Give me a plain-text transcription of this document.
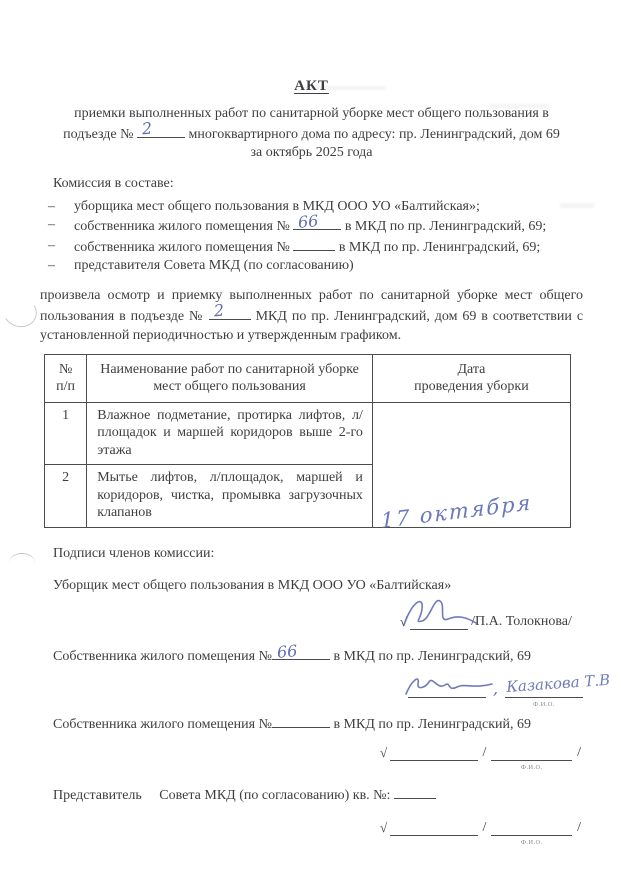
АКТ

приемки выполненных работ по санитарной уборке мест общего пользования в
подъезде № 2	многоквартирного дома по адресу: пр. Ленинградский, дом 69
за октябрь 2025 года

Комиссия в составе:
–	уборщика мест общего пользования в МКД ООО УО «Балтийская»;
–	собственника жилого помещения № 66 в МКД по пр. Ленинградский, 69;
–	собственника жилого помещения №	в МКД по пр. Ленинградский, 69;
–	представителя Совета МКД (по согласованию)

произвела осмотр и приемку выполненных работ по санитарной уборке мест общего пользования в подъезде № 2 МКД по пр. Ленинградский, дом 69 в соответствии с установленной периодичностью и утвержденным графиком.

№
п/п	Наименование работ по санитарной уборке мест общего пользования	Дата
проведения уборки
1	Влажное подметание, протирка лифтов, л/площадок и маршей коридоров выше 2-го этажа	17 октября

2	Мытье лифтов, л/площадок, маршей и коридоров, чистка, промывка загрузочных клапанов	
Подписи членов комиссии:
Уборщик мест общего пользования в МКД ООО УО «Балтийская»
√	/П.А. Толокнова/
Собственника жилого помещения № 66	в МКД по пр. Ленинградский, 69
, Казакова Т.В
Ф.И.О.
Собственника жилого помещения №	в МКД по пр. Ленинградский, 69
√	/
Ф.И.О.
/
Представитель Совета МКД (по согласованию) кв. №:
√	/
Ф.И.О.
/
